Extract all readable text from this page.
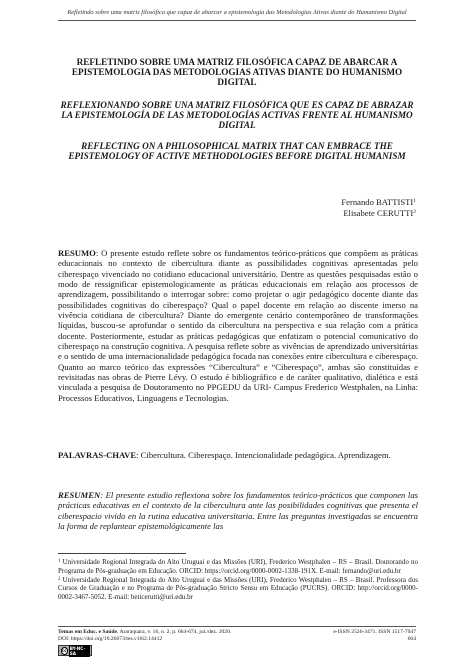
Refletindo sobre uma matriz filosófica que capaz de abarcar a epistemologia das Metodologias Ativas diante do Humanismo Digital
REFLETINDO SOBRE UMA MATRIZ FILOSÓFICA CAPAZ DE ABARCAR A EPISTEMOLOGIA DAS METODOLOGIAS ATIVAS DIANTE DO HUMANISMO DIGITAL
REFLEXIONANDO SOBRE UNA MATRIZ FILOSÓFICA QUE ES CAPAZ DE ABRAZAR LA EPISTEMOLOGÍA DE LAS METODOLOGÍAS ACTIVAS FRENTE AL HUMANISMO DIGITAL
REFLECTING ON A PHILOSOPHICAL MATRIX THAT CAN EMBRACE THE EPISTEMOLOGY OF ACTIVE METHODOLOGIES BEFORE DIGITAL HUMANISM
Fernando BATTISTI$^1$
Elisabete CERUTTI$^2$
RESUMO: O presente estudo reflete sobre os fundamentos teórico-práticos que compõem as práticas educacionais no contexto de cibercultura diante as possibilidades cognitivas apresentadas pelo ciberespaço vivenciado no cotidiano educacional universitário. Dentre as questões pesquisadas estão o modo de ressignificar epistemologicamente as práticas educacionais em relação aos processos de aprendizagem, possibilitando o interrogar sobre: como projetar o agir pedagógico docente diante das possibilidades cognitivas do ciberespaço? Qual o papel docente em relação ao discente imerso na vivência cotidiana de cibercultura? Diante do emergente cenário contemporâneo de transformações líquidas, buscou-se aprofundar o sentido da cibercultura na perspectiva e sua relação com a prática docente. Posteriormente, estudar as práticas pedagógicas que enfatizam o potencial comunicativo do ciberespaço na construção cognitiva. A pesquisa reflete sobre as vivências de aprendizado universitárias e o sentido de uma internacionalidade pedagógica focada nas conexões entre cibercultura e ciberespaço. Quanto ao marco teórico das expressões “Cibercultura” e “Ciberespaço”, ambas são constituídas e revisitadas nas obras de Pierre Lévy. O estudo é bibliográfico e de caráter qualitativo, dialética e está vinculada a pesquisa de Doutoramento no PPGEDU da URI- Campus Frederico Westphalen, na Linha: Processos Educativos, Linguagens e Tecnologias.
PALAVRAS-CHAVE: Cibercultura. Ciberespaço. Intencionalidade pedagógica. Aprendizagem.
RESUMEN: El presente estudio reflexiona sobre los fundamentos teórico-prácticos que componen las prácticas educativas en el contexto de la cibercultura ante las posibilidades cognitivas que presenta el ciberespacio vivido en la rutina educativa universitaria. Entre las preguntas investigadas se encuentra la forma de replantear epistemológicamente las

$^1$ Universidade Regional Integrada do Alto Uruguai e das Missões (URI), Frederico Westphalen – RS – Brasil. Doutorando no Programa de Pós-graduação em Educação. ORCID: https://orcid.org/0000-0002-1338-191X. E-mail: fernando@uri.edu.br

$^2$ Universidade Regional Integrada do Alto Uruguai e das Missões (URI), Frederico Westphalen – RS – Brasil. Professora dos Cursos de Graduação e no Programa de Pós-graduação Stricto Sensu em Educação (PUCRS). ORCID: http://orcid.org/0000-0002-3467-5052. E-mail: beticerutti@uri.edu.br

Temas em Educ. e Saúde, Araraquara, v. 16, n. 2, p. 664-674, jul./dez. 2020.
DOI: https://doi.org/10.26673/tes.v16i2.14412
e-ISSN 2526-3471. ISSN 1517-7947
664
cc BY-NC-SA
